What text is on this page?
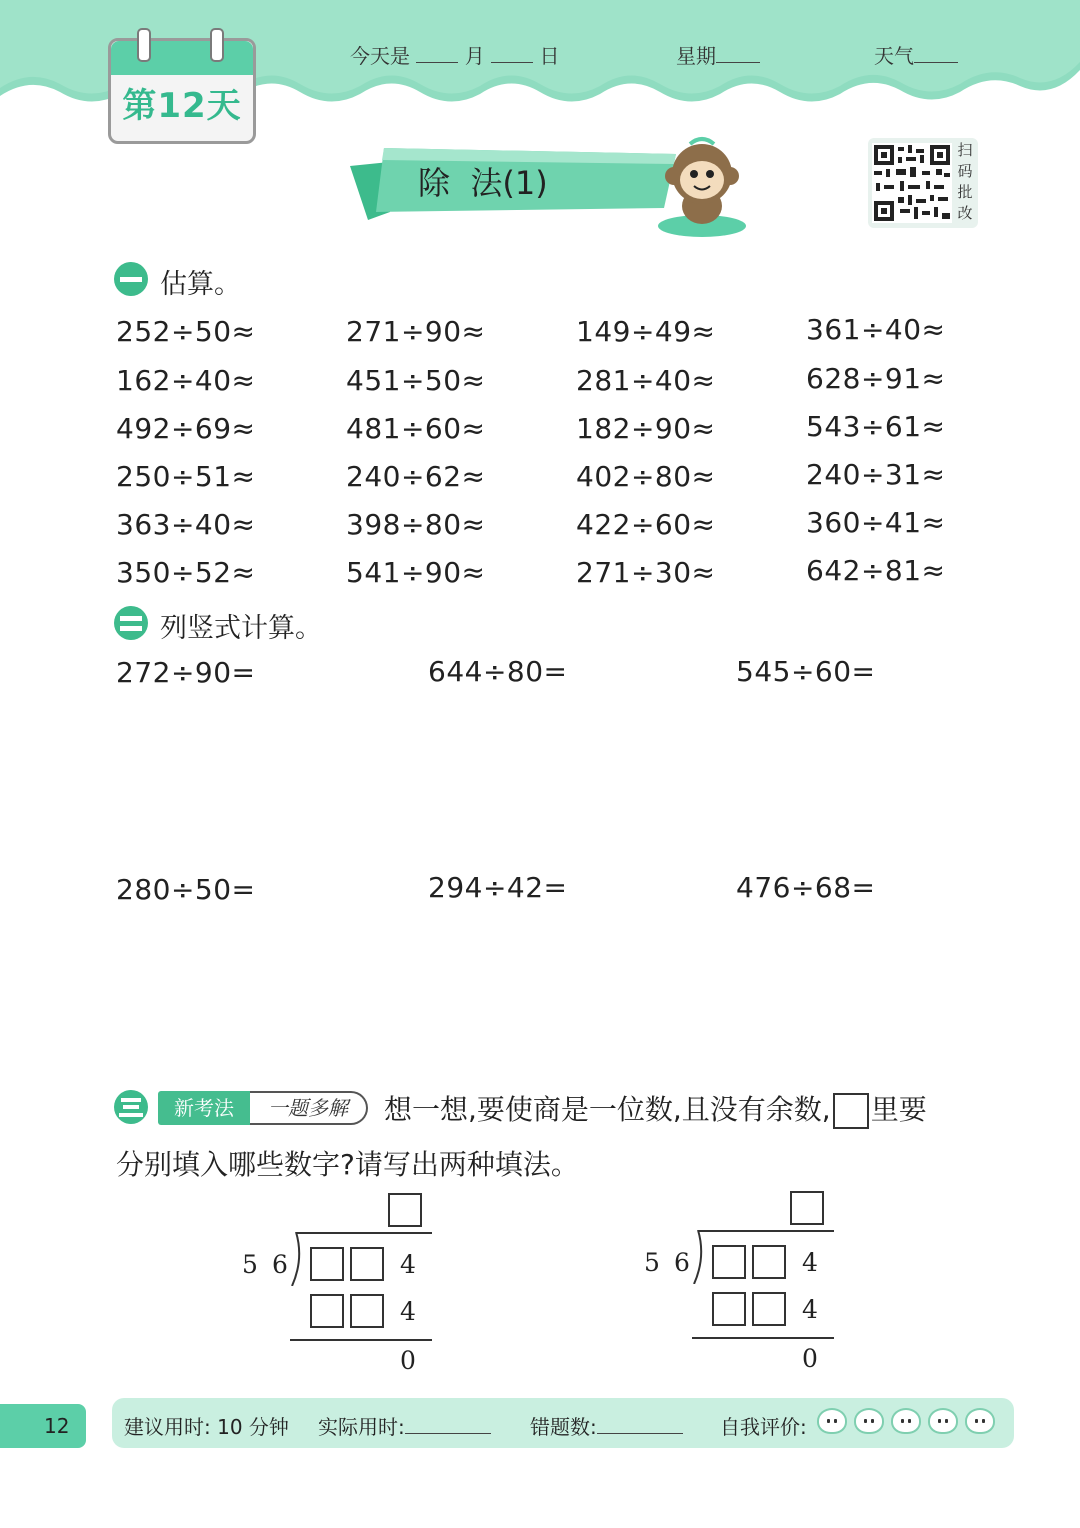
第12天
今天是	月	日	星期	天气
除  法(1)
扫
码
批
改
估算。
252÷50≈	271÷90≈	149÷49≈	361÷40≈
162÷40≈	451÷50≈	281÷40≈	628÷91≈
492÷69≈	481÷60≈	182÷90≈	543÷61≈
250÷51≈	240÷62≈	402÷80≈	240÷31≈
363÷40≈	398÷80≈	422÷60≈	360÷41≈
350÷52≈	541÷90≈	271÷30≈	642÷81≈
列竖式计算。
272÷90=	644÷80=	545÷60=
280÷50=	294÷42=	476÷68=
新考法	一题多解	想一想,要使商是一位数,且没有余数, 里要
分别填入哪些数字?请写出两种填法。
5 6	4
4
0
5 6	4
4
0
12	建议用时: 10 分钟 实际用时:	错题数:	自我评价:
